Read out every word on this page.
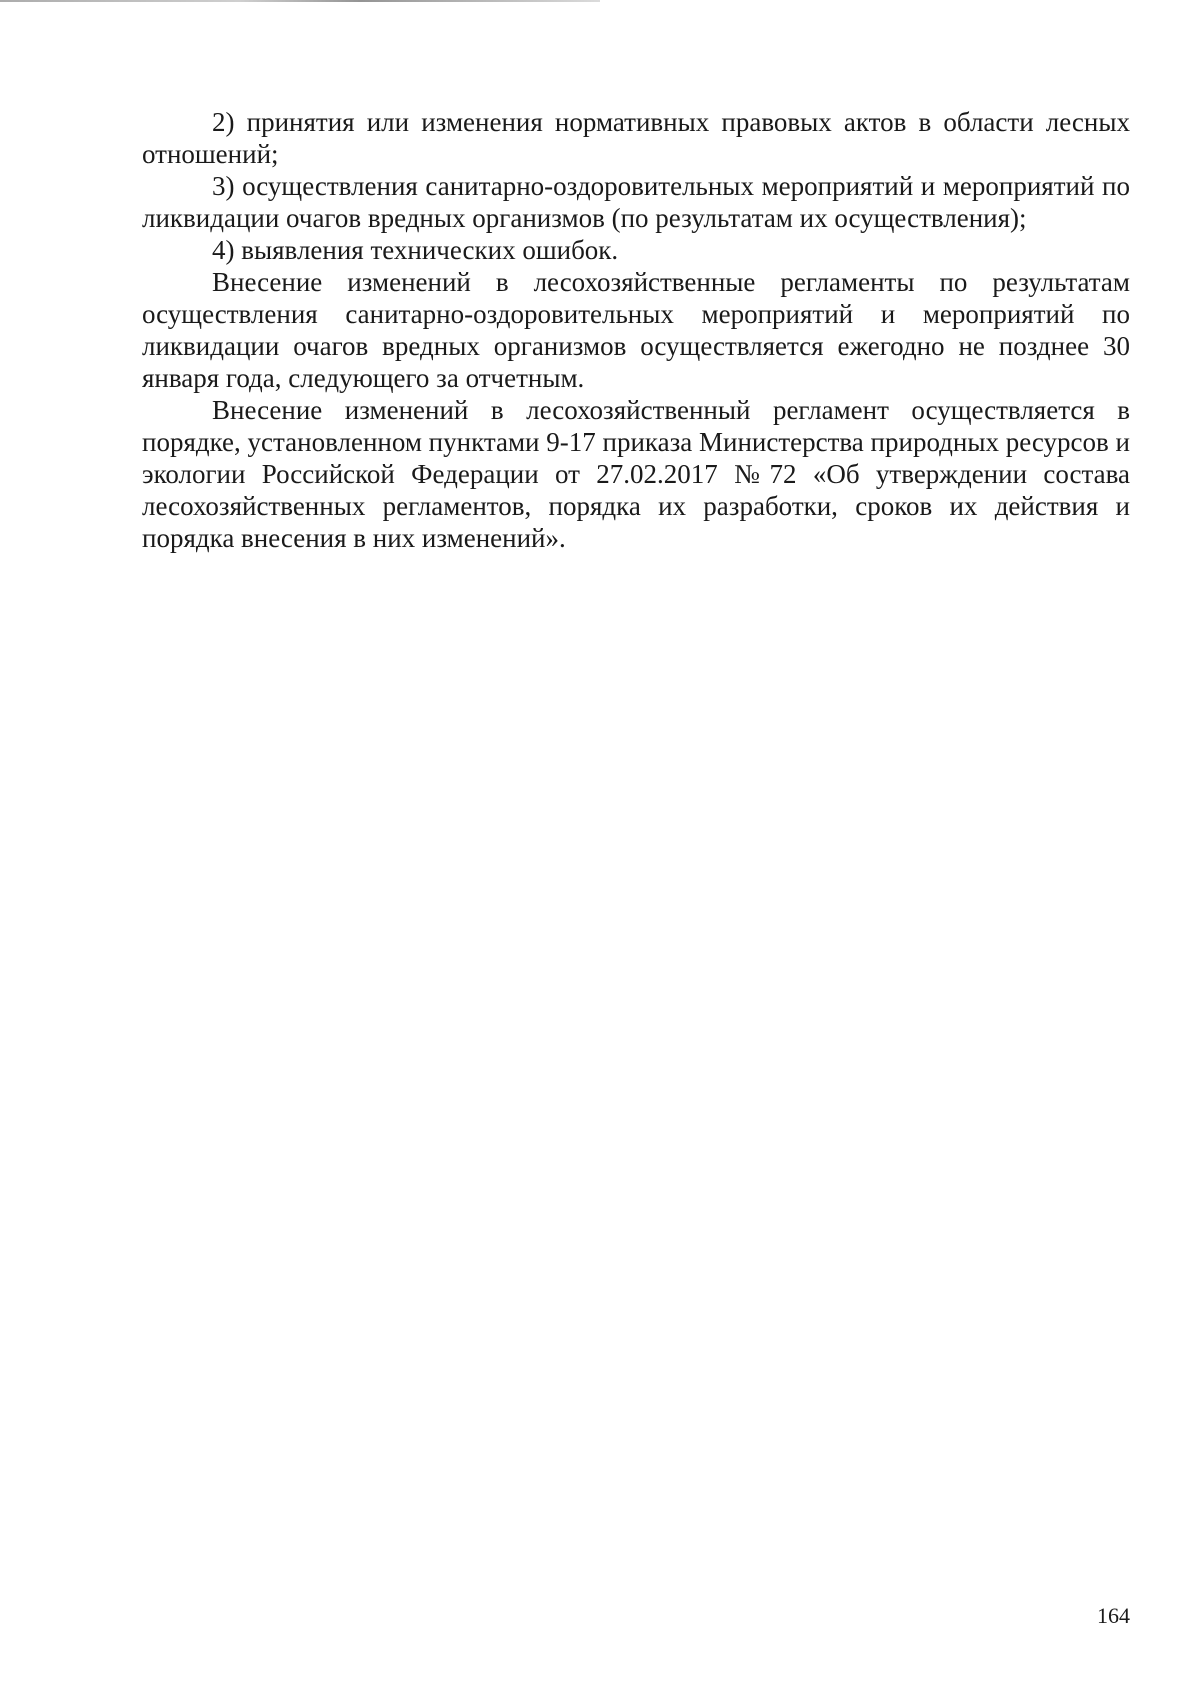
2) принятия или изменения нормативных правовых актов в области лесных отношений;

3) осуществления санитарно-оздоровительных мероприятий и мероприятий по ликвидации очагов вредных организмов (по результатам их осуществления);

4) выявления технических ошибок.

Внесение изменений в лесохозяйственные регламенты по результатам осуществления санитарно-оздоровительных мероприятий и мероприятий по ликвидации очагов вредных организмов осуществляется ежегодно не позднее 30 января года, следующего за отчетным.

Внесение изменений в лесохозяйственный регламент осуществляется в порядке, установленном пунктами 9-17 приказа Министерства природных ресурсов и экологии Российской Федерации от 27.02.2017 №72 «Об утверждении состава лесохозяйственных регламентов, порядка их разработки, сроков их действия и порядка внесения в них изменений».

164
